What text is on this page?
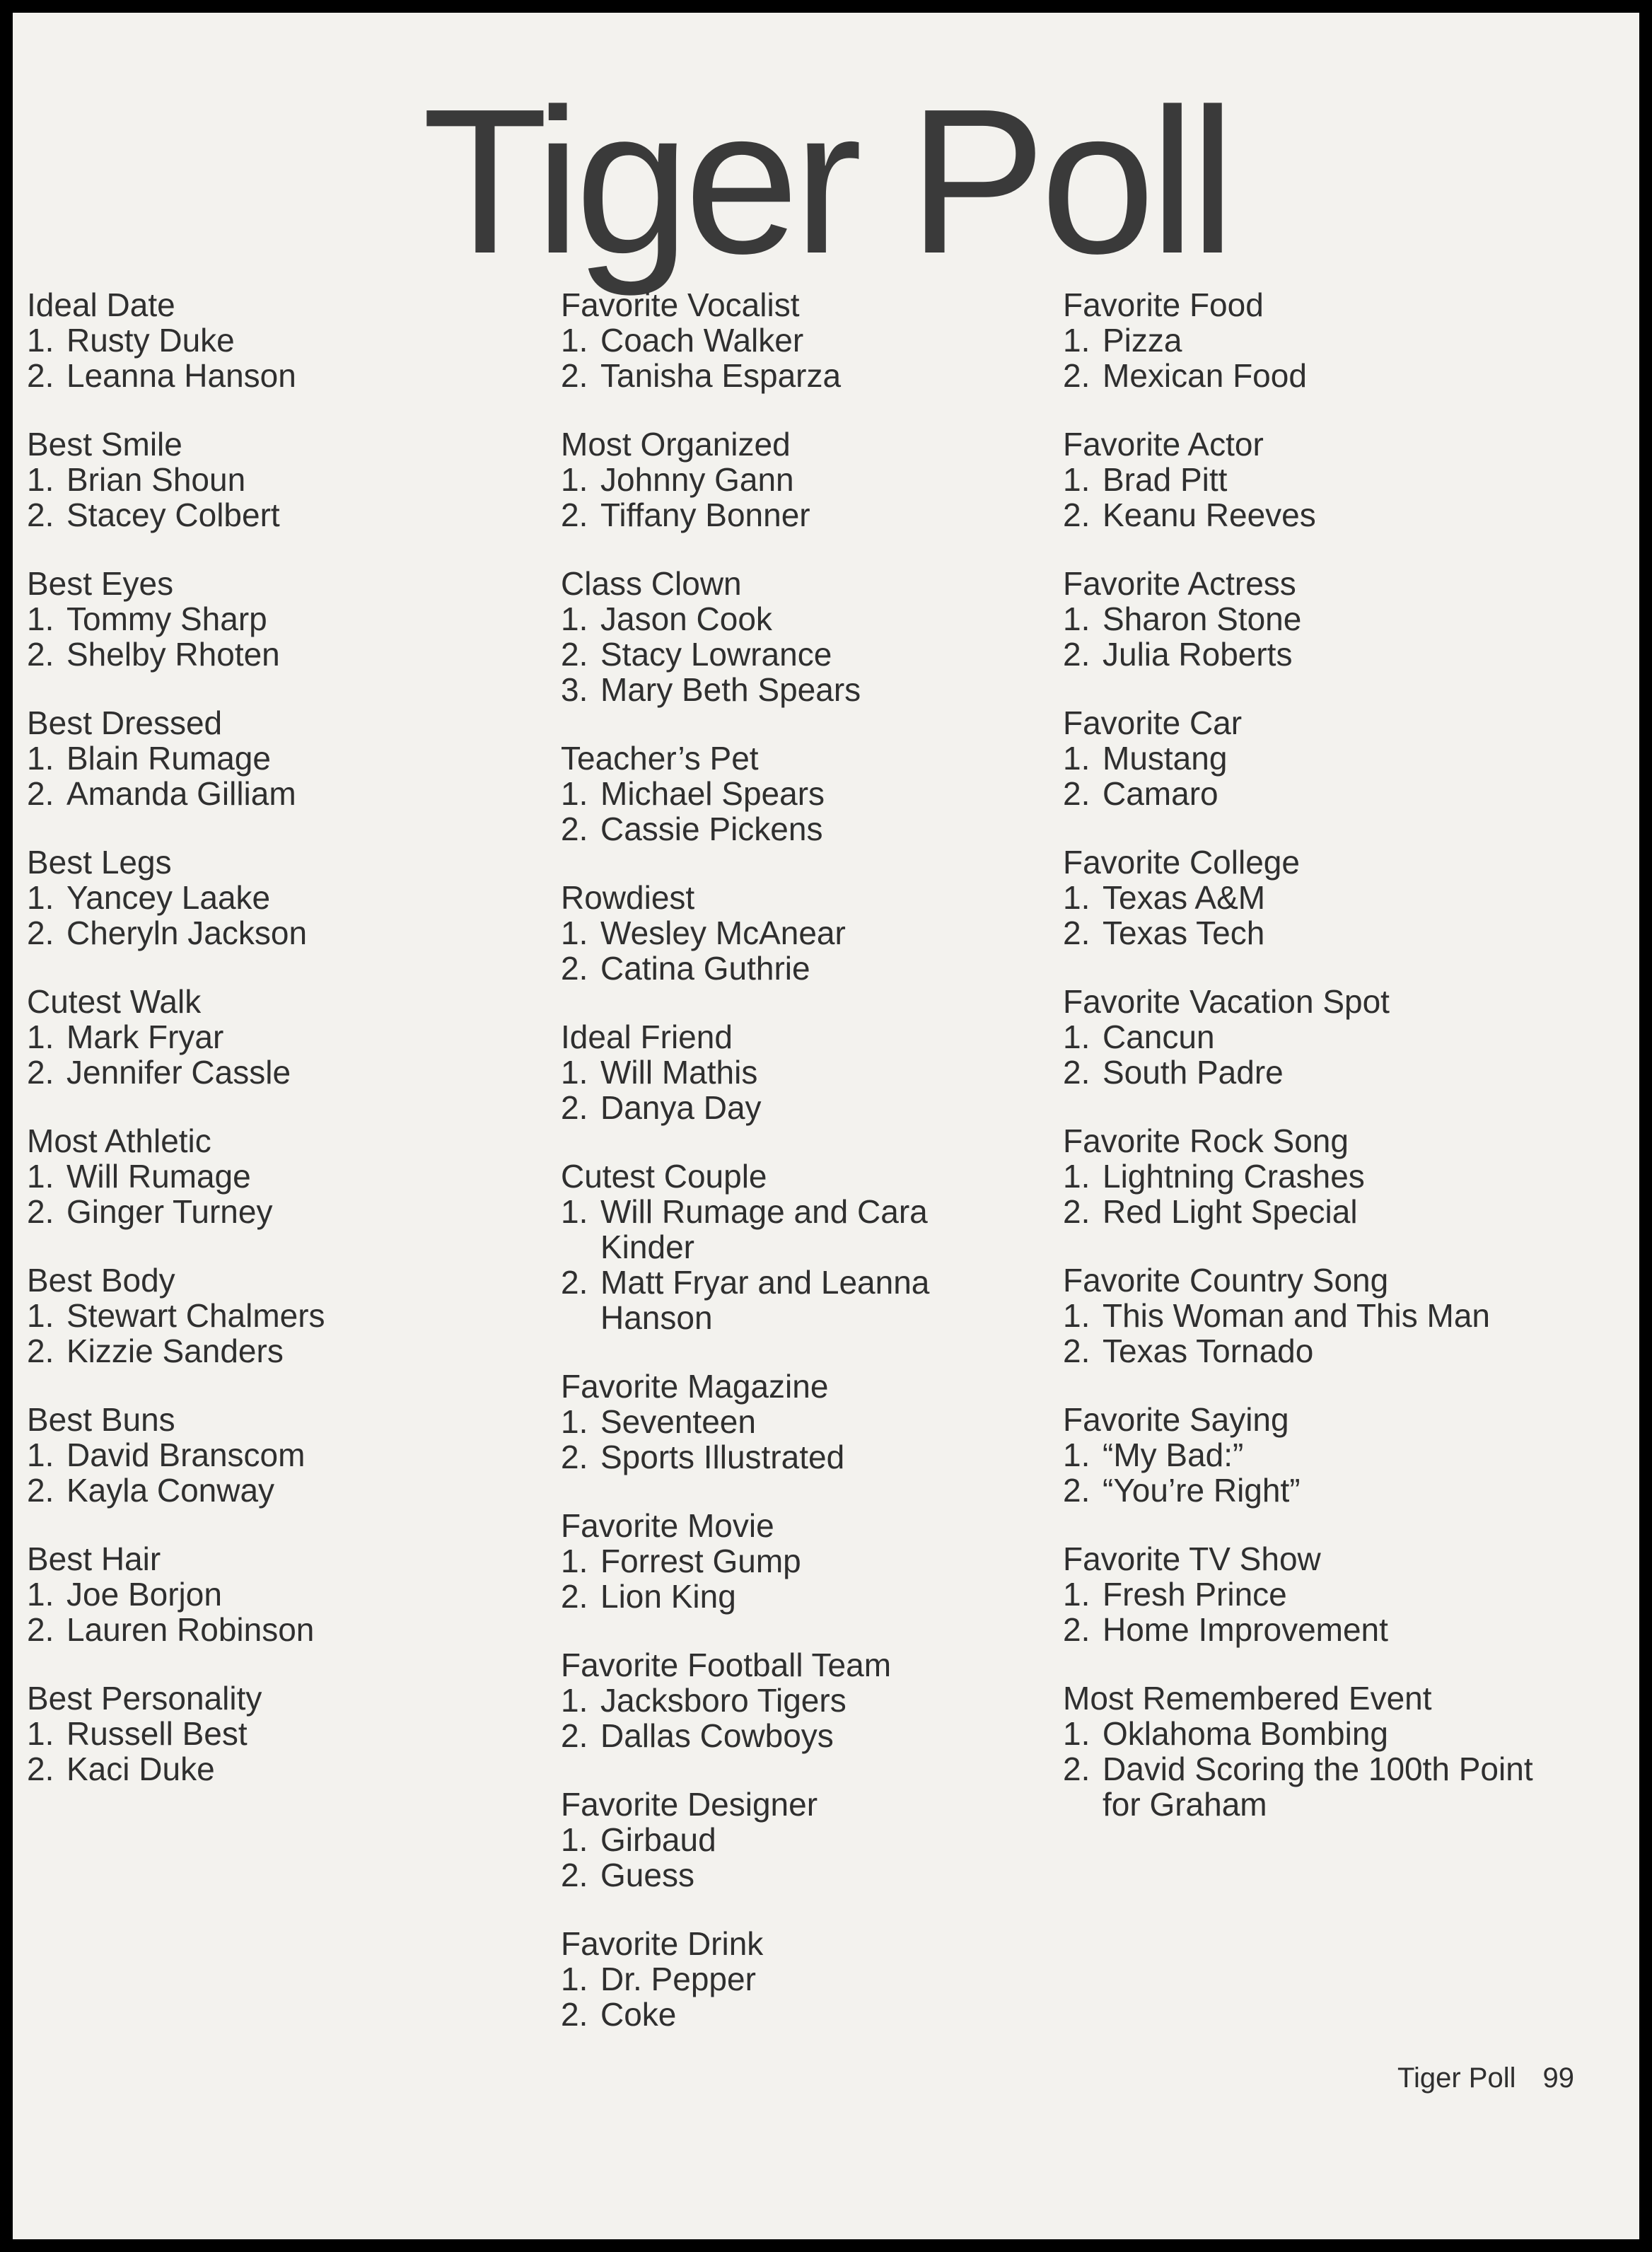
Tiger Poll
Ideal Date
1. Rusty Duke
2. Leanna Hanson
Best Smile
1. Brian Shoun
2. Stacey Colbert
Best Eyes
1. Tommy Sharp
2. Shelby Rhoten
Best Dressed
1. Blain Rumage
2. Amanda Gilliam
Best Legs
1. Yancey Laake
2. Cheryln Jackson
Cutest Walk
1. Mark Fryar
2. Jennifer Cassle
Most Athletic
1. Will Rumage
2. Ginger Turney
Best Body
1. Stewart Chalmers
2. Kizzie Sanders
Best Buns
1. David Branscom
2. Kayla Conway
Best Hair
1. Joe Borjon
2. Lauren Robinson
Best Personality
1. Russell Best
2. Kaci Duke
Favorite Vocalist
1. Coach Walker
2. Tanisha Esparza
Most Organized
1. Johnny Gann
2. Tiffany Bonner
Class Clown
1. Jason Cook
2. Stacy Lowrance
3. Mary Beth Spears
Teacher’s Pet
1. Michael Spears
2. Cassie Pickens
Rowdiest
1. Wesley McAnear
2. Catina Guthrie
Ideal Friend
1. Will Mathis
2. Danya Day
Cutest Couple
1. Will Rumage and Cara
Kinder
2. Matt Fryar and Leanna
Hanson
Favorite Magazine
1. Seventeen
2. Sports Illustrated
Favorite Movie
1. Forrest Gump
2. Lion King
Favorite Football Team
1. Jacksboro Tigers
2. Dallas Cowboys
Favorite Designer
1. Girbaud
2. Guess
Favorite Drink
1. Dr. Pepper
2. Coke
Favorite Food
1. Pizza
2. Mexican Food
Favorite Actor
1. Brad Pitt
2. Keanu Reeves
Favorite Actress
1. Sharon Stone
2. Julia Roberts
Favorite Car
1. Mustang
2. Camaro
Favorite College
1. Texas A&M
2. Texas Tech
Favorite Vacation Spot
1. Cancun
2. South Padre
Favorite Rock Song
1. Lightning Crashes
2. Red Light Special
Favorite Country Song
1. This Woman and This Man
2. Texas Tornado
Favorite Saying
1. “My Bad:”
2. “You’re Right”
Favorite TV Show
1. Fresh Prince
2. Home Improvement
Most Remembered Event
1. Oklahoma Bombing
2. David Scoring the 100th Point
for Graham
Tiger Poll 99
